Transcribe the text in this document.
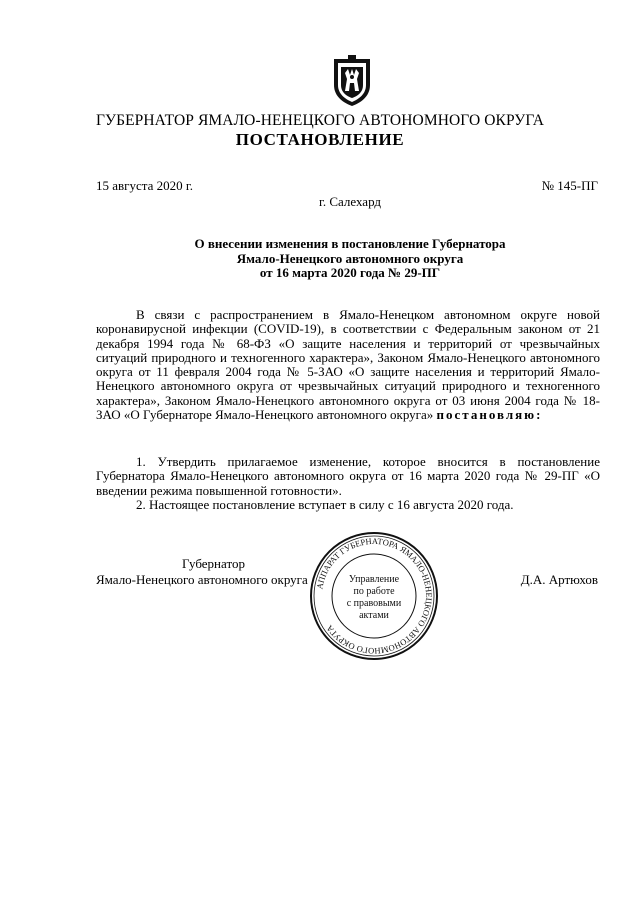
ГУБЕРНАТОР ЯМАЛО-НЕНЕЦКОГО АВТОНОМНОГО ОКРУГА
ПОСТАНОВЛЕНИЕ
15 августа 2020 г.	№ 145-ПГ
г. Салехард
О внесении изменения в постановление Губернатора
Ямало-Ненецкого автономного округа
от 16 марта 2020 года № 29-ПГ

В связи с распространением в Ямало-Ненецком автономном округе новой коронавирусной инфекции (COVID-19), в соответствии с Федеральным законом от 21 декабря 1994 года № 68-ФЗ «О защите населения и территорий от чрезвычайных ситуаций природного и техногенного характера», Законом Ямало-Ненецкого автономного округа от 11 февраля 2004 года № 5-ЗАО «О защите населения и территорий Ямало-Ненецкого автономного округа от чрезвычайных ситуаций природного и техногенного характера», Законом Ямало-Ненецкого автономного округа от 03 июня 2004 года № 18-ЗАО «О Губернаторе Ямало-Ненецкого автономного округа» постановляю:

1. Утвердить прилагаемое изменение, которое вносится в постановление Губернатора Ямало-Ненецкого автономного округа от 16 марта 2020 года № 29-ПГ «О введении режима повышенной готовности».

2. Настоящее постановление вступает в силу с 16 августа 2020 года.

Губернатор
Ямало-Ненецкого автономного округа	Д.А. Артюхов
АППАРАТ ГУБЕРНАТОРА ЯМАЛО-НЕНЕЦКОГО АВТОНОМНОГО ОКРУГА
Управление
по работе
с правовыми
актами
